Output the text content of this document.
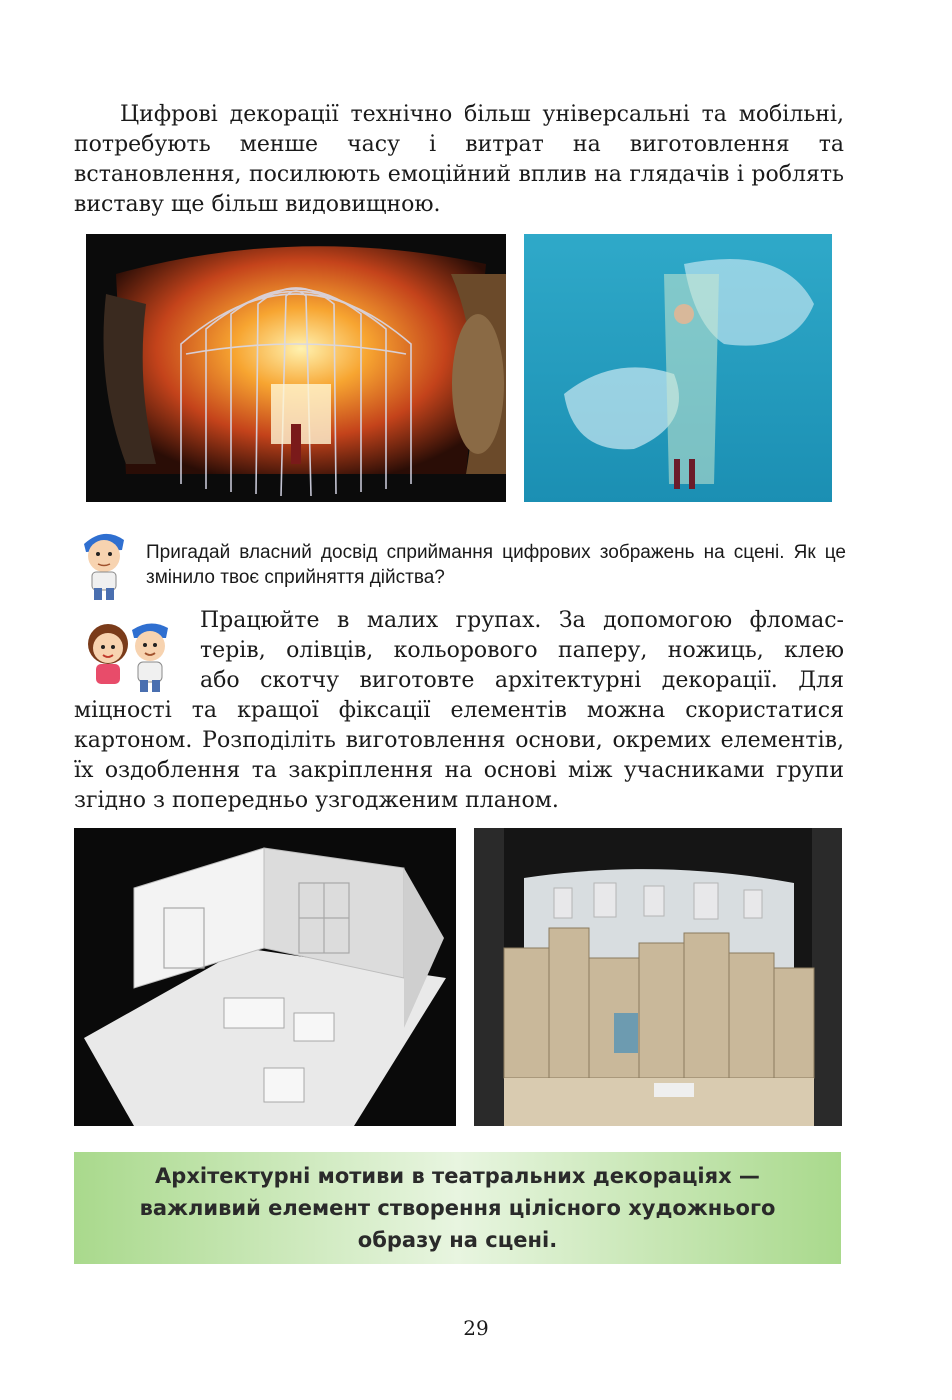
Цифрові декорації технічно більш універсальні та мобільні, потребують менше часу і витрат на виготовлення та встановлення, посилюють емоційний вплив на глядачів і роблять виставу ще більш видовищною.
Пригадай власний досвід сприймання цифрових зображень на сцені. Як це змінило твоє сприйняття дійства?
Працюйте в малих групах. За допомогою фломас-
терів, олівців, кольорового паперу, ножиць, клею
або скотчу виготовте архітектурні декорації. Для
міцності та кращої фіксації елементів можна скористатися картоном. Розподіліть виготовлення основи, окремих елементів, їх оздоблення та закріплення на основі між учасниками групи згідно з попередньо узгодженим планом.
Архітектурні мотиви в театральних декораціях — важливий елемент створення цілісного художнього образу на сцені.
29
